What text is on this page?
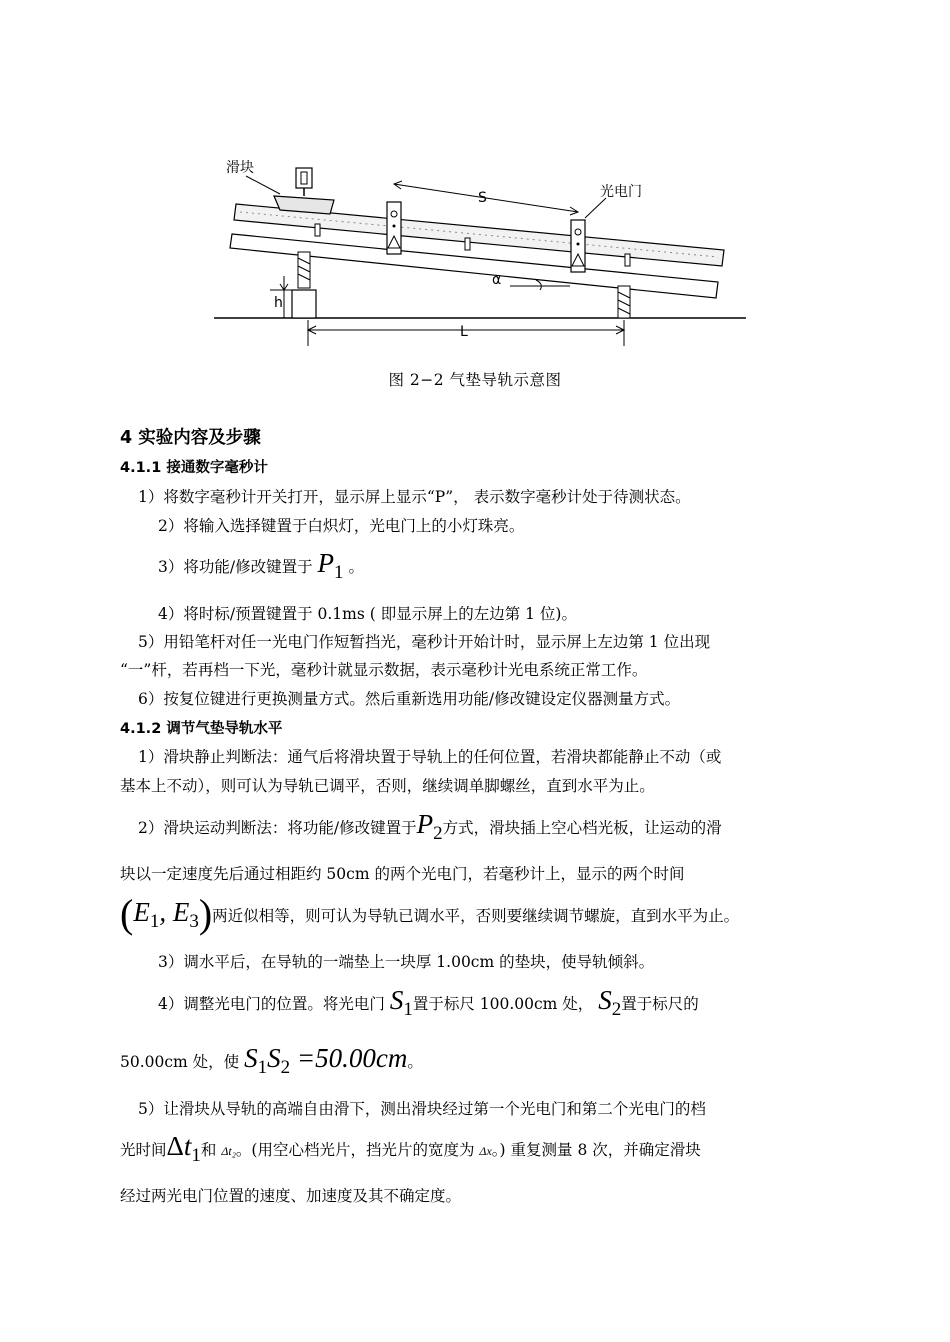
滑块
光电门
S
h
L
α
图 2−2 气垫导轨示意图
4 实验内容及步骤
4.1.1 接通数字毫秒计
1）将数字毫秒计开关打开，显示屏上显示“P”， 表示数字毫秒计处于待测状态。
2）将输入选择键置于白炽灯，光电门上的小灯珠亮。
3）将功能/修改键置于 P1 。
4）将时标/预置键置于 0.1ms ( 即显示屏上的左边第 1 位)。
5）用铅笔杆对任一光电门作短暂挡光，毫秒计开始计时，显示屏上左边第 1 位出现
“一”杆，若再档一下光，毫秒计就显示数据，表示毫秒计光电系统正常工作。
6）按复位键进行更换测量方式。然后重新选用功能/修改键设定仪器测量方式。
4.1.2 调节气垫导轨水平
1）滑块静止判断法：通气后将滑块置于导轨上的任何位置，若滑块都能静止不动（或
基本上不动），则可认为导轨已调平，否则，继续调单脚螺丝，直到水平为止。
2）滑块运动判断法：将功能/修改键置于P2方式，滑块插上空心档光板，让运动的滑
块以一定速度先后通过相距约 50cm 的两个光电门，若毫秒计上，显示的两个时间
(E1, E3)两近似相等，则可认为导轨已调水平，否则要继续调节螺旋，直到水平为止。
3）调水平后，在导轨的一端垫上一块厚 1.00cm 的垫块，使导轨倾斜。
4）调整光电门的位置。将光电门 S1置于标尺 100.00cm 处， S2置于标尺的
50.00cm 处，使 S1S2 =50.00cm。
5）让滑块从导轨的高端自由滑下，测出滑块经过第一个光电门和第二个光电门的档
光时间Δt1和 Δt₂。(用空心档光片，挡光片的宽度为 Δx。) 重复测量 8 次，并确定滑块
经过两光电门位置的速度、加速度及其不确定度。
